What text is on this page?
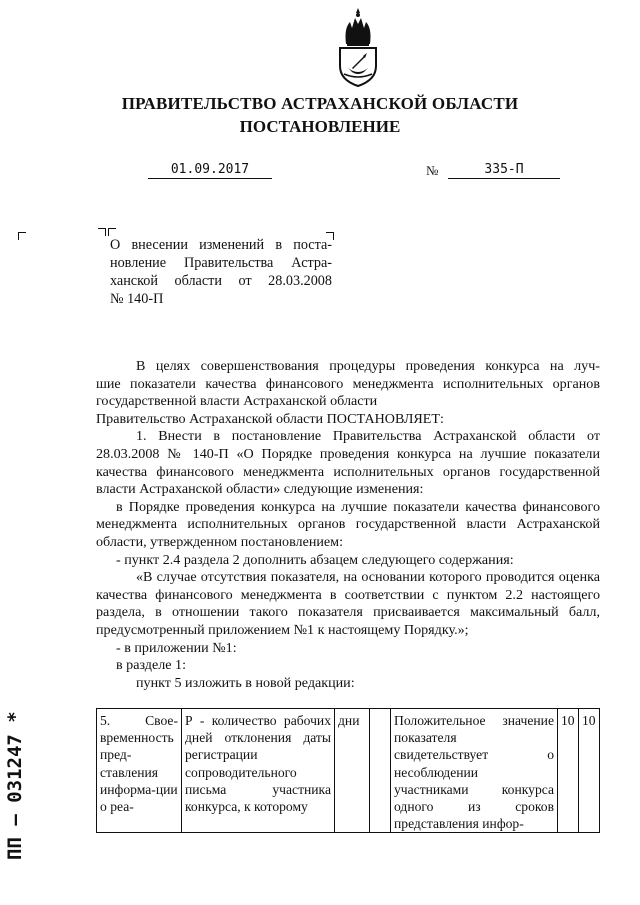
ПРАВИТЕЛЬСТВО АСТРАХАНСКОЙ ОБЛАСТИ
ПОСТАНОВЛЕНИЕ
01.09.2017	№	335-П

О внесении изменений в поста-

новление Правительства Астра-

ханской области от 28.03.2008

№ 140-П

В целях совершенствования процедуры проведения конкурса на луч-

шие показатели качества финансового менеджмента исполнительных органов государственной власти Астраханской области

Правительство Астраханской области ПОСТАНОВЛЯЕТ:

1. Внести в постановление Правительства Астраханской области от 28.03.2008 № 140-П «О Порядке проведения конкурса на лучшие показатели качества финансового менеджмента исполнительных органов государственной власти Астраханской области» следующие изменения:

в Порядке проведения конкурса на лучшие показатели качества финансового менеджмента исполнительных органов государственной власти Астраханской области, утвержденном постановлением:

- пункт 2.4 раздела 2 дополнить абзацем следующего содержания:

«В случае отсутствия показателя, на основании которого проводится оценка качества финансового менеджмента в соответствии с пунктом 2.2 настоящего раздела, в отношении такого показателя присваивается максимальный балл, предусмотренный приложением №1 к настоящему Порядку.»;

- в приложении №1:

в разделе 1:

пункт 5 изложить в новой редакции:

5. Свое-временность пред-ставления информа-ции о реа-	Р - количество рабочих дней отклонения даты регистрации сопроводительного письма участника конкурса, к которому	дни		Положительное значение показателя свидетельствует о несоблюдении участниками конкурса одного из сроков представления инфор-	10	10
ПП – 031247 *
